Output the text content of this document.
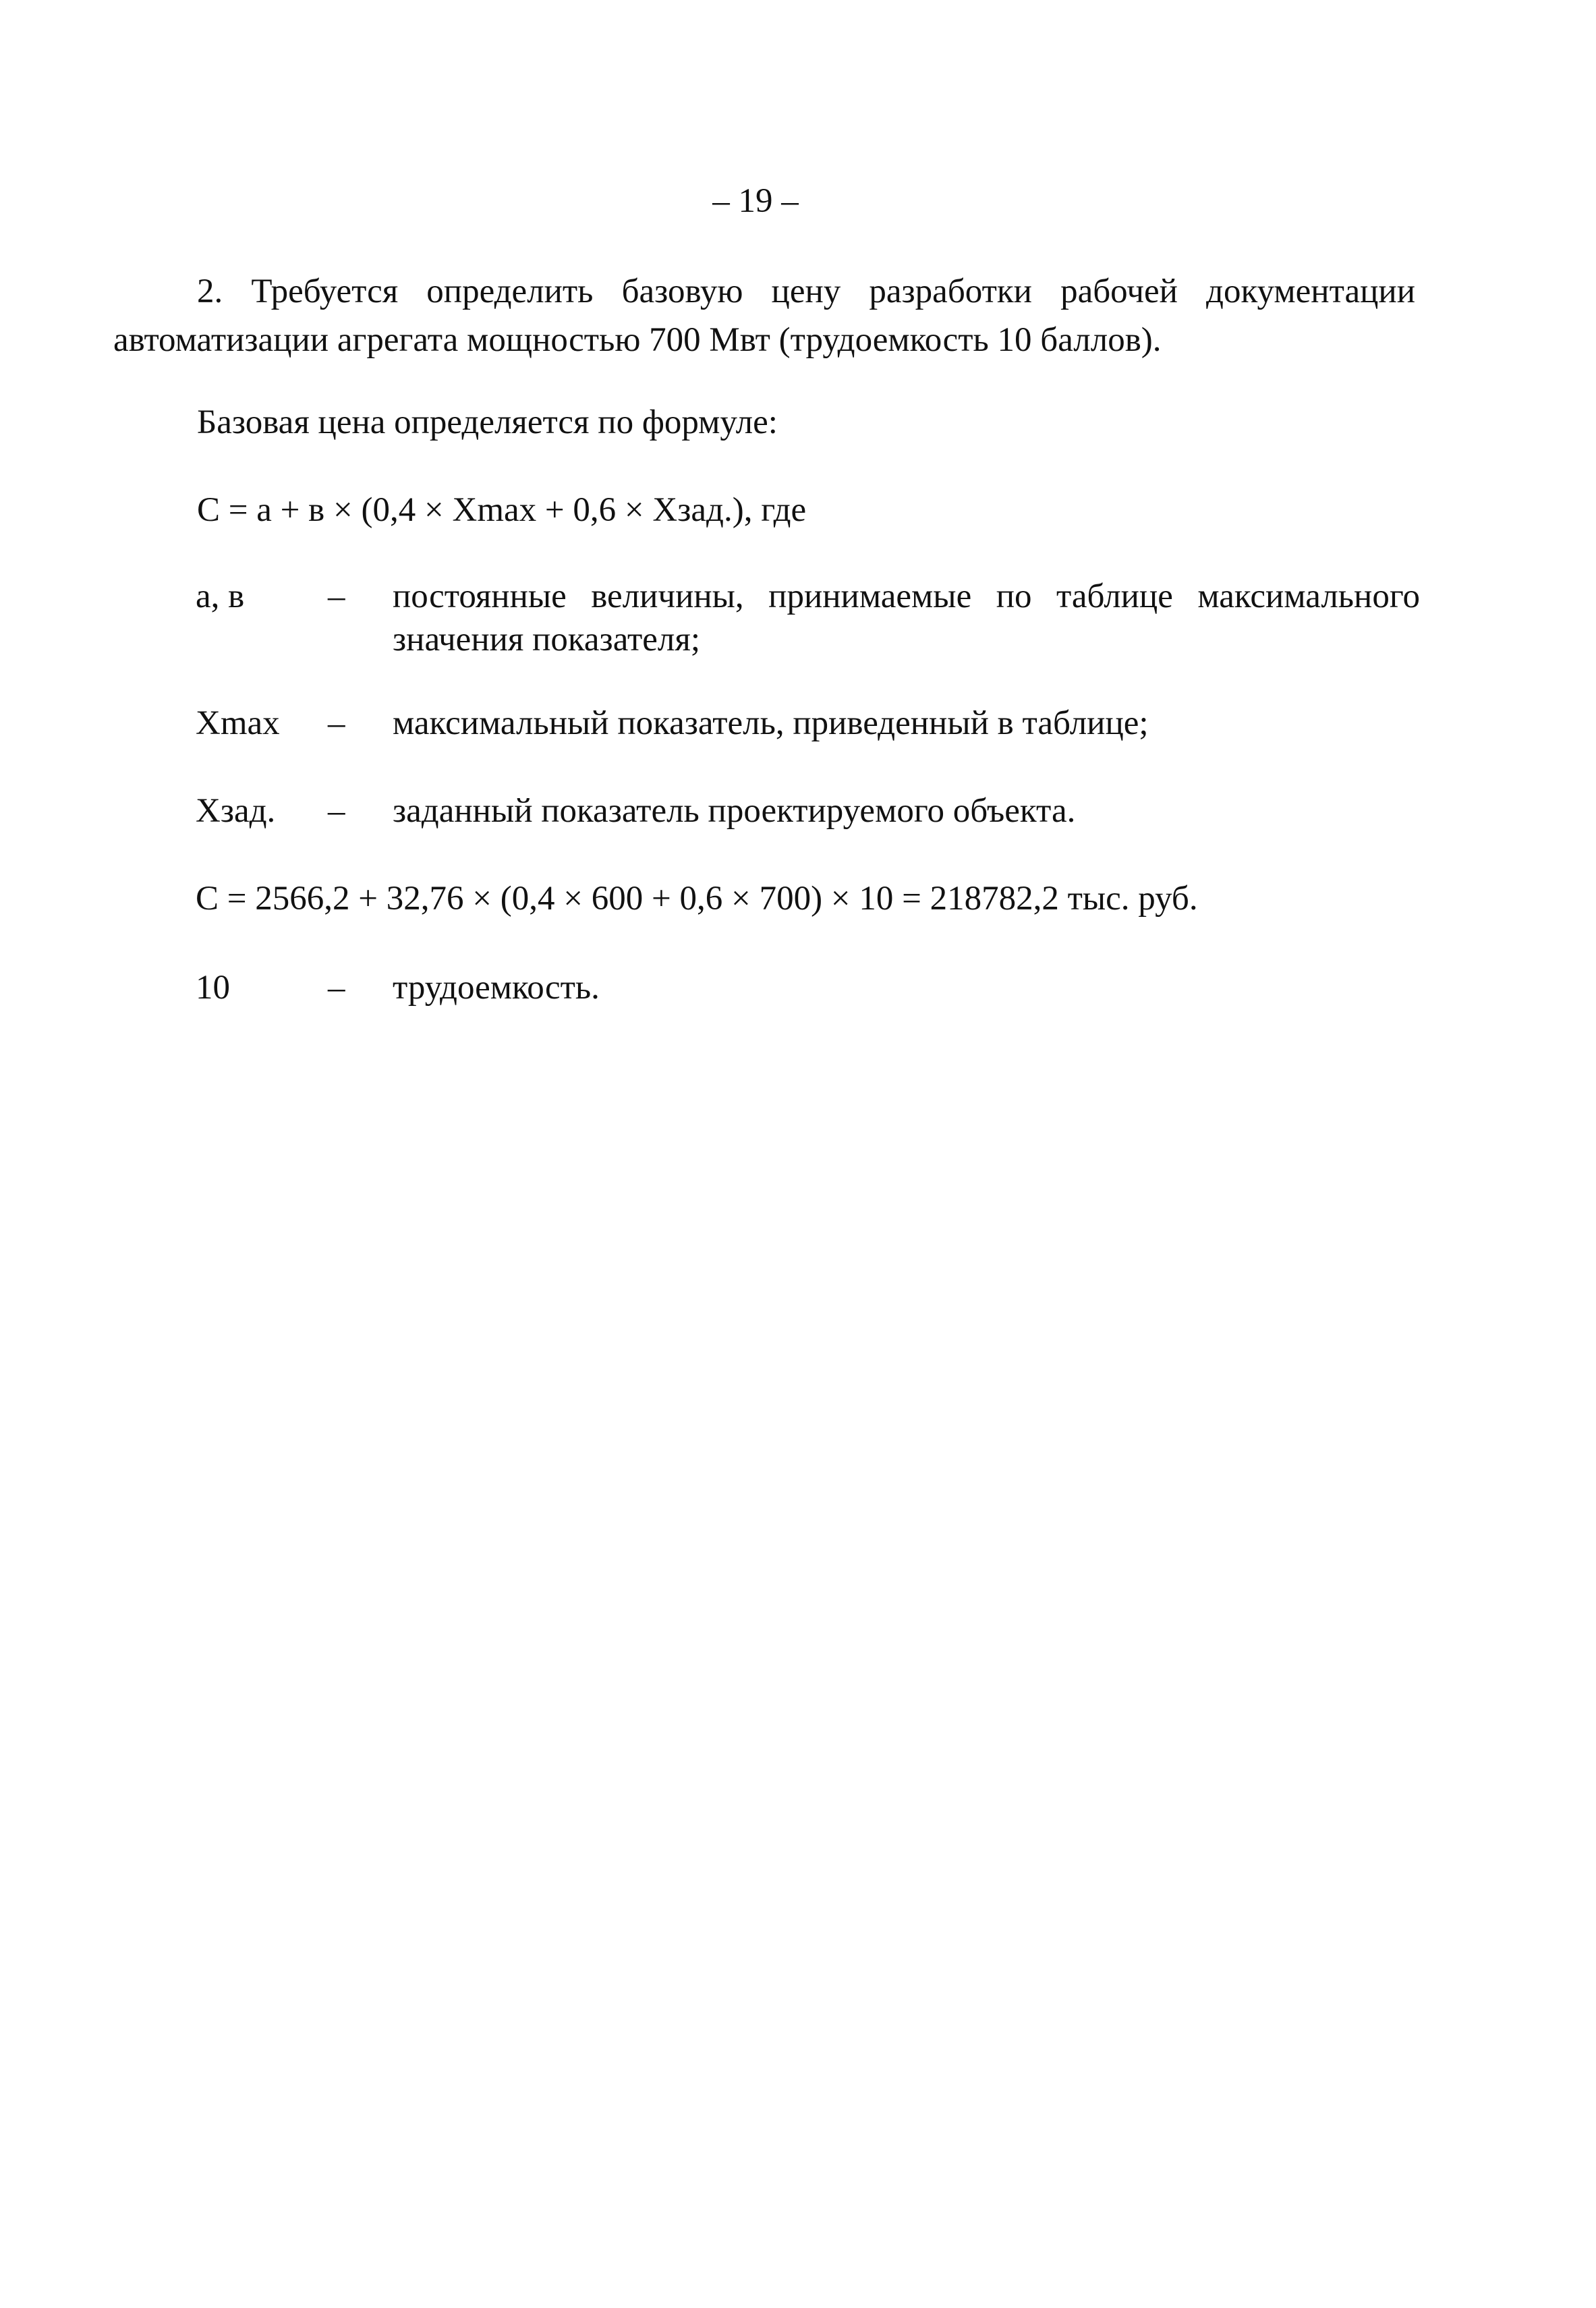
– 19 –
2. Требуется определить базовую цену разработки рабочей документации автоматизации агрегата мощностью 700 Мвт (трудоемкость 10 баллов).
Базовая цена определяется по формуле:
С = а + в × (0,4 × Хmax + 0,6 × Хзад.), где
а, в – постоянные величины, принимаемые по таблице максимального значения показателя;
Хmax – максимальный показатель, приведенный в таблице;
Хзад. – заданный показатель проектируемого объекта.
С = 2566,2 + 32,76 × (0,4 × 600 + 0,6 × 700) × 10 = 218782,2 тыс. руб.
10	– трудоемкость.
